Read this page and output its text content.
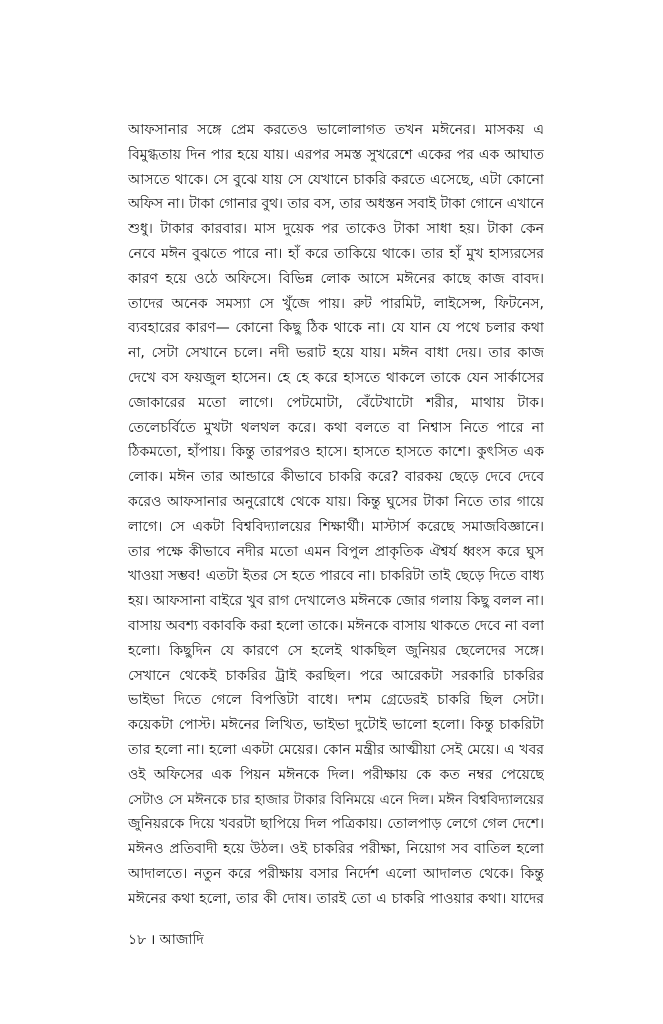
আফসানার সঙ্গে প্রেম করতেও ভালোলাগত তখন মঈনের। মাসকয় এ
বিমুগ্ধতায় দিন পার হয়ে যায়। এরপর সমস্ত সুখরেশে একের পর এক আঘাত
আসতে থাকে। সে বুঝে যায় সে যেখানে চাকরি করতে এসেছে, এটা কোনো
অফিস না। টাকা গোনার বুথ। তার বস, তার অধস্তন সবাই টাকা গোনে এখানে
শুধু। টাকার কারবার। মাস দুয়েক পর তাকেও টাকা সাধা হয়। টাকা কেন
নেবে মঈন বুঝতে পারে না। হাঁ করে তাকিয়ে থাকে। তার হাঁ মুখ হাস্যরসের
কারণ হয়ে ওঠে অফিসে। বিভিন্ন লোক আসে মঈনের কাছে কাজ বাবদ।
তাদের অনেক সমস্যা সে খুঁজে পায়। রুট পারমিট, লাইসেন্স, ফিটনেস,
ব্যবহারের কারণ— কোনো কিছু ঠিক থাকে না। যে যান যে পথে চলার কথা
না, সেটা সেখানে চলে। নদী ভরাট হয়ে যায়। মঈন বাধা দেয়। তার কাজ
দেখে বস ফয়জুল হাসেন। হে হে করে হাসতে থাকলে তাকে যেন সার্কাসের
জোকারের মতো লাগে। পেটমোটা, বেঁটেখাটো শরীর, মাথায় টাক।
তেলেচর্বিতে মুখটা থলথল করে। কথা বলতে বা নিশ্বাস নিতে পারে না
ঠিকমতো, হাঁপায়। কিন্তু তারপরও হাসে। হাসতে হাসতে কাশে। কুৎসিত এক
লোক। মঈন তার আন্ডারে কীভাবে চাকরি করে? বারকয় ছেড়ে দেবে দেবে
করেও আফসানার অনুরোধে থেকে যায়। কিন্তু ঘুসের টাকা নিতে তার গায়ে
লাগে। সে একটা বিশ্ববিদ্যালয়ের শিক্ষার্থী। মাস্টার্স করেছে সমাজবিজ্ঞানে।
তার পক্ষে কীভাবে নদীর মতো এমন বিপুল প্রাকৃতিক ঐশ্বর্য ধ্বংস করে ঘুস
খাওয়া সম্ভব! এতটা ইতর সে হতে পারবে না। চাকরিটা তাই ছেড়ে দিতে বাধ্য
হয়। আফসানা বাইরে খুব রাগ দেখালেও মঈনকে জোর গলায় কিছু বলল না।
বাসায় অবশ্য বকাবকি করা হলো তাকে। মঈনকে বাসায় থাকতে দেবে না বলা
হলো। কিছুদিন যে কারণে সে হলেই থাকছিল জুনিয়র ছেলেদের সঙ্গে।
সেখানে থেকেই চাকরির ট্রাই করছিল। পরে আরেকটা সরকারি চাকরির
ভাইভা দিতে গেলে বিপত্তিটা বাধে। দশম গ্রেডেরই চাকরি ছিল সেটা।
কয়েকটা পোস্ট। মঈনের লিখিত, ভাইভা দুটোই ভালো হলো। কিন্তু চাকরিটা
তার হলো না। হলো একটা মেয়ের। কোন মন্ত্রীর আত্মীয়া সেই মেয়ে। এ খবর
ওই অফিসের এক পিয়ন মঈনকে দিল। পরীক্ষায় কে কত নম্বর পেয়েছে
সেটাও সে মঈনকে চার হাজার টাকার বিনিময়ে এনে দিল। মঈন বিশ্ববিদ্যালয়ের
জুনিয়রকে দিয়ে খবরটা ছাপিয়ে দিল পত্রিকায়। তোলপাড় লেগে গেল দেশে।
মঈনও প্রতিবাদী হয়ে উঠল। ওই চাকরির পরীক্ষা, নিয়োগ সব বাতিল হলো
আদালতে। নতুন করে পরীক্ষায় বসার নির্দেশ এলো আদালত থেকে। কিন্তু
মঈনের কথা হলো, তার কী দোষ। তারই তো এ চাকরি পাওয়ার কথা। যাদের
১৮ । আজাদি
